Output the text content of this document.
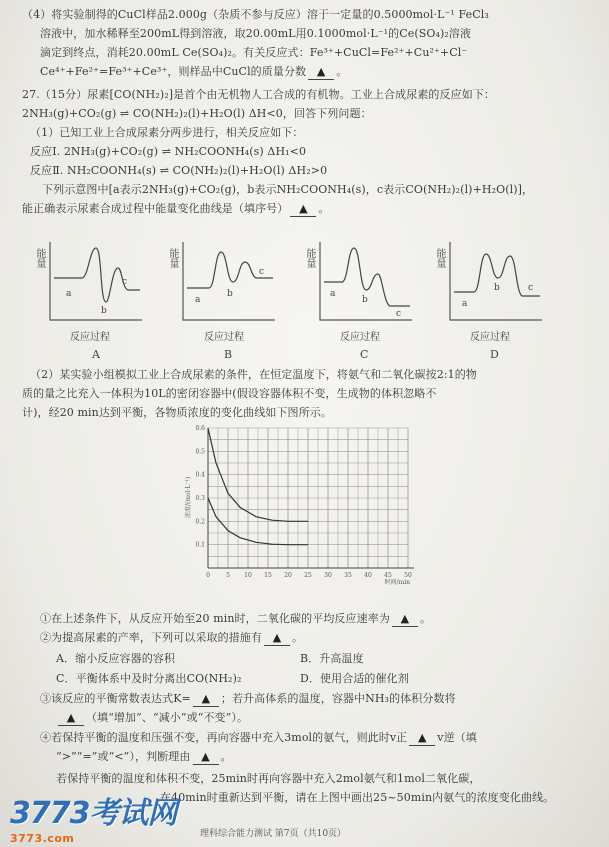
（4）将实验制得的CuCl样品2.000g（杂质不参与反应）溶于一定量的0.5000mol·L⁻¹ FeCl₃
溶液中，加水稀释至200mL得到溶液，取20.00mL用0.1000mol·L⁻¹的Ce(SO₄)₂溶液
滴定到终点，消耗20.00mL Ce(SO₄)₂。有关反应式：Fe³⁺+CuCl=Fe²⁺+Cu²⁺+Cl⁻
Ce⁴⁺+Fe²⁺=Fe³⁺+Ce³⁺，则样品中CuCl的质量分数 ▲ 。
27.（15分）尿素[CO(NH₂)₂]是首个由无机物人工合成的有机物。工业上合成尿素的反应如下：
2NH₃(g)+CO₂(g) ⇌ CO(NH₂)₂(l)+H₂O(l) ΔH<0，回答下列问题：
（1）已知工业上合成尿素分两步进行，相关反应如下：
反应Ⅰ. 2NH₃(g)+CO₂(g) ⇌ NH₂COONH₄(s) ΔH₁<0
反应Ⅱ. NH₂COONH₄(s) ⇌ CO(NH₂)₂(l)+H₂O(l) ΔH₂>0
下列示意图中[a表示2NH₃(g)+CO₂(g)，b表示NH₂COONH₄(s)，c表示CO(NH₂)₂(l)+H₂O(l)]，
能正确表示尿素合成过程中能量变化曲线是（填序号） ▲ 。
能量
a
b
c
反应过程
A
能量
a
b
c
反应过程
B
能量
a
b
c
反应过程
C
能量
a
b	c
反应过程
D
（2）某实验小组模拟工业上合成尿素的条件，在恒定温度下，将氨气和二氧化碳按2:1的物
质的量之比充入一体积为10L的密闭容器中(假设容器体积不变，生成物的体积忽略不
计)，经20 min达到平衡，各物质浓度的变化曲线如下图所示。
0	5 10 15 20 25 30 35 40 45 50
0.1
0.2
0.3
0.4
0.5
0.6
浓度/(mol·L⁻¹)
时间/min
①在上述条件下，从反应开始至20 min时，二氧化碳的平均反应速率为 ▲ 。
②为提高尿素的产率，下列可以采取的措施有 ▲ 。
A．缩小反应容器的容积	B．升高温度
C．平衡体系中及时分离出CO(NH₂)₂	D．使用合适的催化剂
③该反应的平衡常数表达式K= ▲ ；若升高体系的温度，容器中NH₃的体积分数将
▲ （填“增加”、“减小”或“不变”）。
④若保持平衡的温度和压强不变，再向容器中充入3mol的氨气，则此时v正 ▲ v逆（填
“>”“=”或“<”），判断理由 ▲ 。
若保持平衡的温度和体积不变，25min时再向容器中充入2mol氨气和1mol二氧化碳，
在40min时重新达到平衡，请在上图中画出25~50min内氨气的浓度变化曲线。
3773考试网
3773.com	理科综合能力测试 第7页（共10页）
